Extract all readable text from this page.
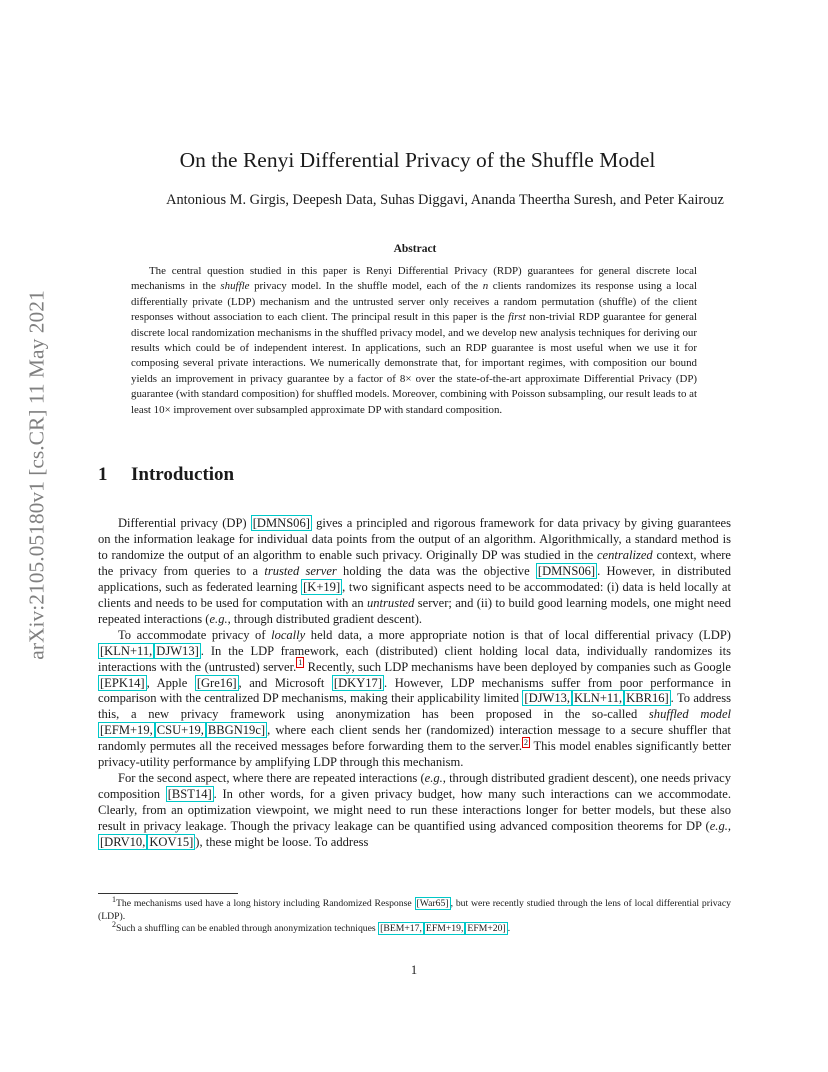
arXiv:2105.05180v1 [cs.CR] 11 May 2021
On the Renyi Differential Privacy of the Shuffle Model
Antonious M. Girgis, Deepesh Data, Suhas Diggavi, Ananda Theertha Suresh, and Peter Kairouz
Abstract

The central question studied in this paper is Renyi Differential Privacy (RDP) guarantees for general discrete local mechanisms in the shuffle privacy model. In the shuffle model, each of the n clients randomizes its response using a local differentially private (LDP) mechanism and the untrusted server only receives a random permutation (shuffle) of the client responses without association to each client. The principal result in this paper is the first non-trivial RDP guarantee for general discrete local randomization mechanisms in the shuffled privacy model, and we develop new analysis techniques for deriving our results which could be of independent interest. In applications, such an RDP guarantee is most useful when we use it for composing several private interactions. We numerically demonstrate that, for important regimes, with composition our bound yields an improvement in privacy guarantee by a factor of 8× over the state-of-the-art approximate Differential Privacy (DP) guarantee (with standard composition) for shuffled models. Moreover, combining with Poisson subsampling, our result leads to at least 10× improvement over subsampled approximate DP with standard composition.

1 Introduction

Differential privacy (DP) [DMNS06] gives a principled and rigorous framework for data privacy by giving guarantees on the information leakage for individual data points from the output of an algorithm. Algorithmically, a standard method is to randomize the output of an algorithm to enable such privacy. Originally DP was studied in the centralized context, where the privacy from queries to a trusted server holding the data was the objective [DMNS06] . However, in distributed applications, such as federated learning [K+19] , two significant aspects need to be accommodated: (i) data is held locally at clients and needs to be used for computation with an untrusted server; and (ii) to build good learning models, one might need repeated interactions (e.g., through distributed gradient descent).

To accommodate privacy of locally held data, a more appropriate notion is that of local differential privacy (LDP) [KLN+11, DJW13] . In the LDP framework, each (distributed) client holding local data, individually randomizes its interactions with the (untrusted) server. $^1$ Recently, such LDP mechanisms have been deployed by companies such as Google [EPK14] , Apple [Gre16] , and Microsoft [DKY17] . However, LDP mechanisms suffer from poor performance in comparison with the centralized DP mechanisms, making their applicability limited [DJW13, KLN+11, KBR16] . To address this, a new privacy framework using anonymization has been proposed in the so-called shuffled model [EFM+19, CSU+19, BBGN19c] , where each client sends her (randomized) interaction message to a secure shuffler that randomly permutes all the received messages before forwarding them to the server. $^2$ This model enables significantly better privacy-utility performance by amplifying LDP through this mechanism.

For the second aspect, where there are repeated interactions (e.g., through distributed gradient descent), one needs privacy composition [BST14] . In other words, for a given privacy budget, how many such interactions can we accommodate. Clearly, from an optimization viewpoint, we might need to run these interactions longer for better models, but these also result in privacy leakage. Though the privacy leakage can be quantified using advanced composition theorems for DP (e.g., [DRV10, KOV15] ), these might be loose. To address

$^1$The mechanisms used have a long history including Randomized Response [War65] , but were recently studied through the lens of local differential privacy (LDP).

$^2$Such a shuffling can be enabled through anonymization techniques [BEM+17, EFM+19, EFM+20] .

1
